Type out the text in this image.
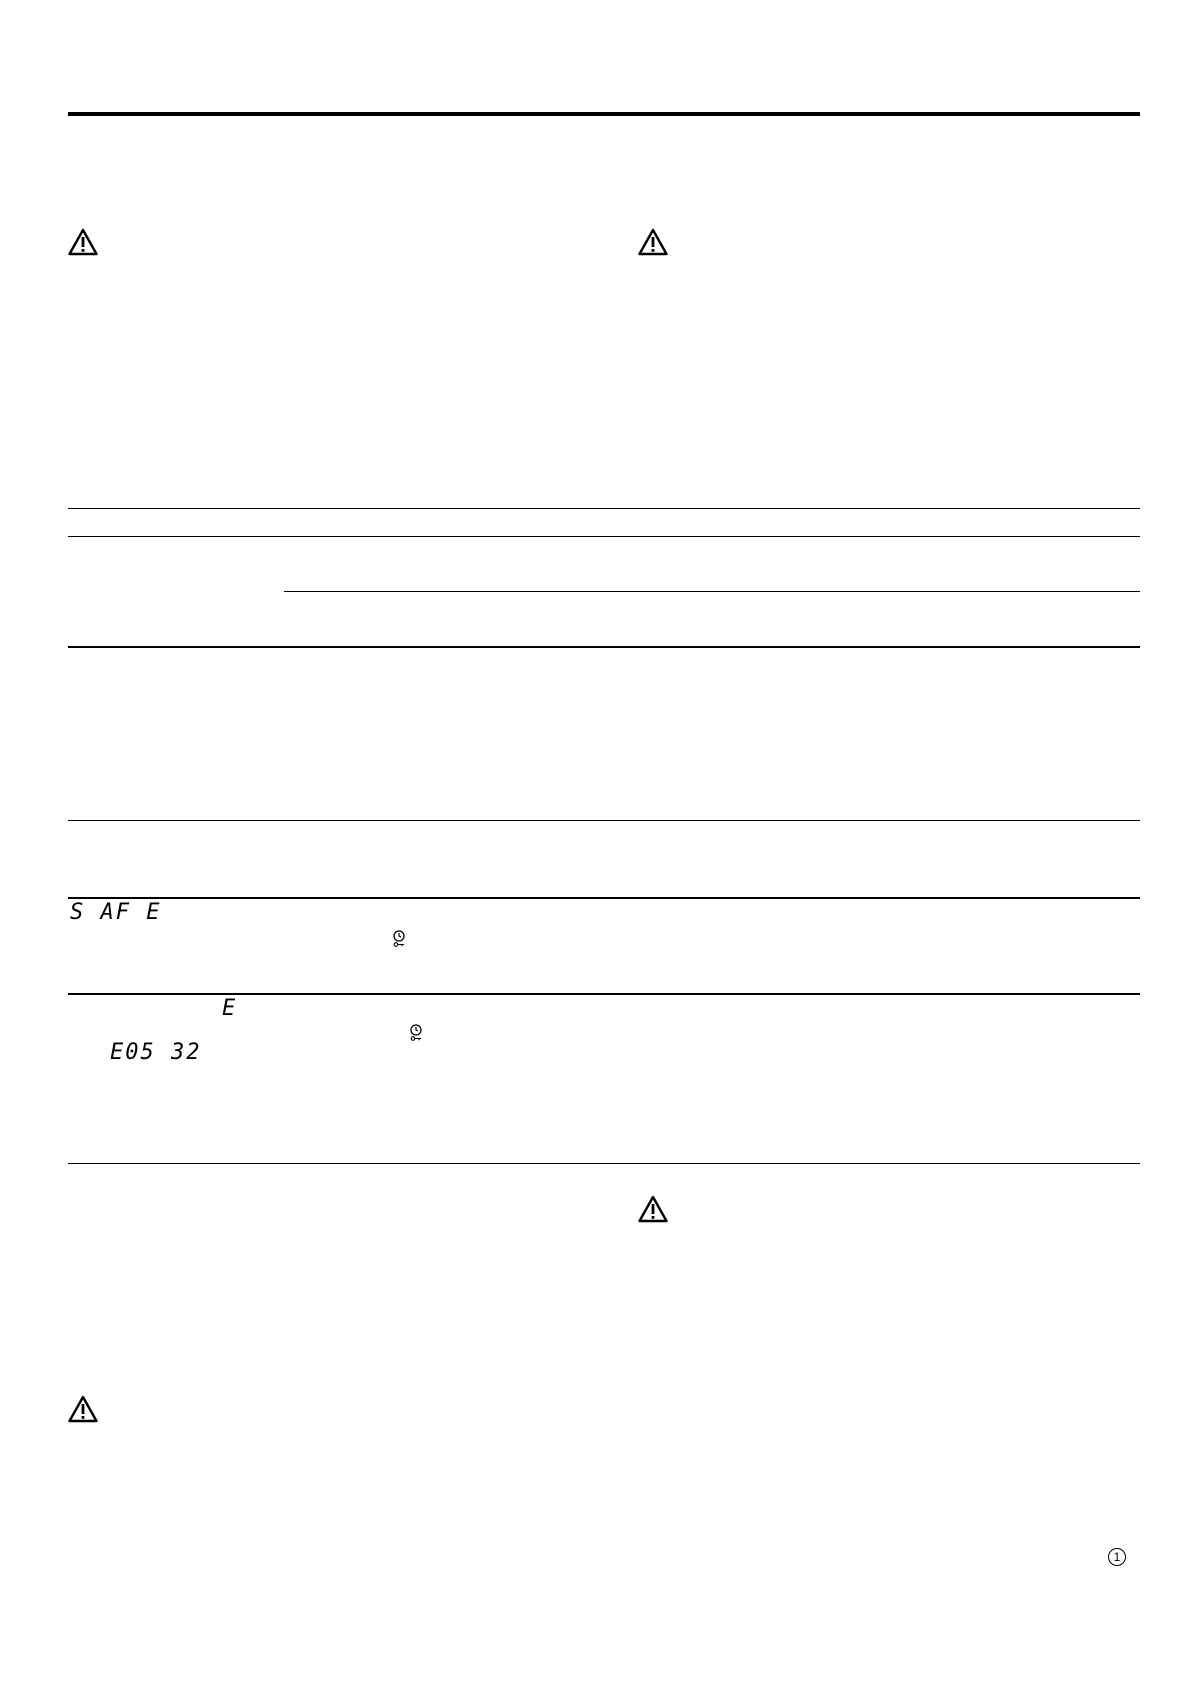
S AF E
E
E05 32
1
